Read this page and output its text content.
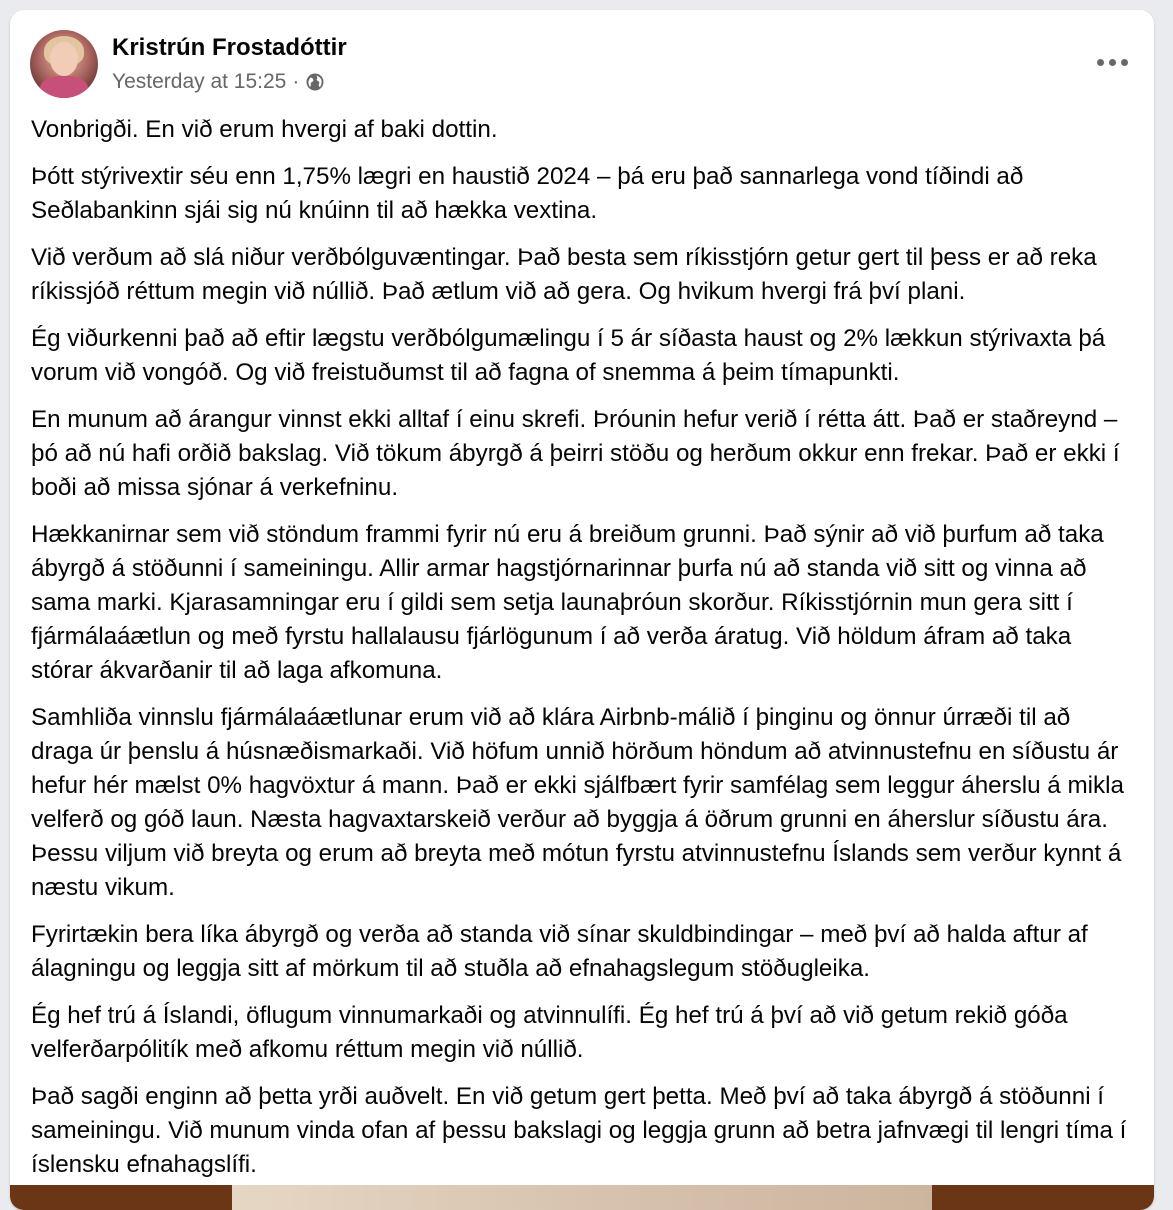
Kristrún Frostadóttir
Yesterday at 15:25 ·

Vonbrigði. En við erum hvergi af baki dottin.

Þótt stýrivextir séu enn 1,75% lægri en haustið 2024 – þá eru það sannarlega vond tíðindi að Seðlabankinn sjái sig nú knúinn til að hækka vextina.

Við verðum að slá niður verðbólguvæntingar. Það besta sem ríkisstjórn getur gert til þess er að reka ríkissjóð réttum megin við núllið. Það ætlum við að gera. Og hvikum hvergi frá því plani.

Ég viðurkenni það að eftir lægstu verðbólgumælingu í 5 ár síðasta haust og 2% lækkun stýrivaxta þá vorum við vongóð. Og við freistuðumst til að fagna of snemma á þeim tímapunkti.

En munum að árangur vinnst ekki alltaf í einu skrefi. Þróunin hefur verið í rétta átt. Það er staðreynd – þó að nú hafi orðið bakslag. Við tökum ábyrgð á þeirri stöðu og herðum okkur enn frekar. Það er ekki í boði að missa sjónar á verkefninu.

Hækkanirnar sem við stöndum frammi fyrir nú eru á breiðum grunni. Það sýnir að við þurfum að taka ábyrgð á stöðunni í sameiningu. Allir armar hagstjórnarinnar þurfa nú að standa við sitt og vinna að sama marki. Kjarasamningar eru í gildi sem setja launaþróun skorður. Ríkisstjórnin mun gera sitt í fjármálaáætlun og með fyrstu hallalausu fjárlögunum í að verða áratug. Við höldum áfram að taka stórar ákvarðanir til að laga afkomuna.

Samhliða vinnslu fjármálaáætlunar erum við að klára Airbnb-málið í þinginu og önnur úrræði til að draga úr þenslu á húsnæðismarkaði. Við höfum unnið hörðum höndum að atvinnustefnu en síðustu ár hefur hér mælst 0% hagvöxtur á mann. Það er ekki sjálfbært fyrir samfélag sem leggur áherslu á mikla velferð og góð laun. Næsta hagvaxtarskeið verður að byggja á öðrum grunni en áherslur síðustu ára. Þessu viljum við breyta og erum að breyta með mótun fyrstu atvinnustefnu Íslands sem verður kynnt á næstu vikum.

Fyrirtækin bera líka ábyrgð og verða að standa við sínar skuldbindingar – með því að halda aftur af álagningu og leggja sitt af mörkum til að stuðla að efnahagslegum stöðugleika.

Ég hef trú á Íslandi, öflugum vinnumarkaði og atvinnulífi. Ég hef trú á því að við getum rekið góða velferðarpólitík með afkomu réttum megin við núllið.

Það sagði enginn að þetta yrði auðvelt. En við getum gert þetta. Með því að taka ábyrgð á stöðunni í sameiningu. Við munum vinda ofan af þessu bakslagi og leggja grunn að betra jafnvægi til lengri tíma í íslensku efnahagslífi.
